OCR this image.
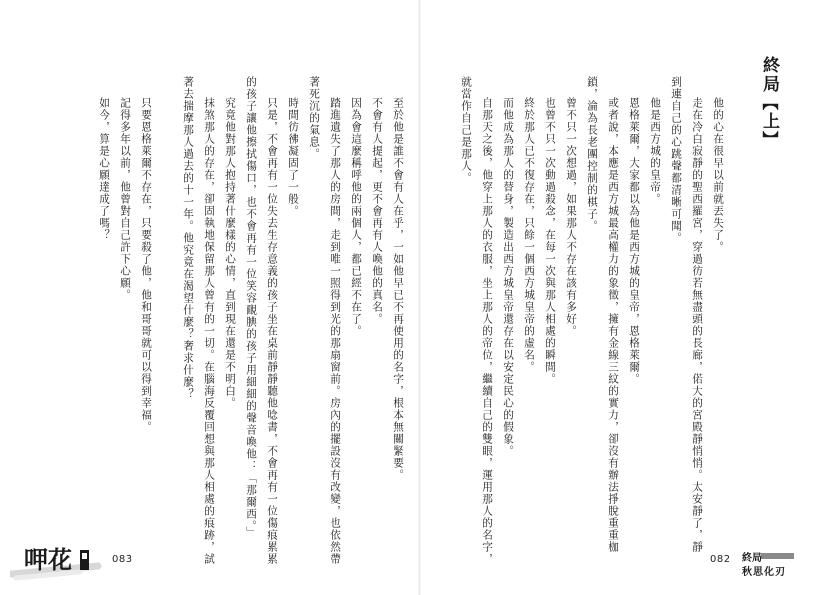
終局【上】

他的心在很早以前就丟失了。

走在冷白寂靜的聖西羅宮，穿過彷若無盡頭的長廊，偌大的宮殿靜悄悄。太安靜了，靜

到連自己的心跳聲都清晰可聞。

他是西方城的皇帝。

恩格萊爾，大家都以為他是西方城的皇帝，恩格萊爾。

或者說，本應是西方城最高權力的象徵，擁有金線三紋的實力，卻沒有辦法掙脫重重枷

鎖，淪為長老團控制的棋子。

曾不只一次想過，如果那人不存在該有多好。

也曾不只一次動過殺念，在每一次與那人相處的瞬間。

終於那人已不復存在，只餘一個西方城皇帝的虛名。

而他成為那人的替身，製造出西方城皇帝還存在以安定民心的假象。

自那天之後，他穿上那人的衣服，坐上那人的帝位，繼續自己的雙眼，運用那人的名字，

就當作自己是那人。

至於他是誰不會有人在乎，一如他早已不再使用的名字，根本無關緊要。

不會有人提起，更不會再有人喚他的真名。

因為會這麼稱呼他的兩個人，都已經不在了。

踏進遺失了那人的房間，走到唯一照得到光的那扇窗前。房內的擺設沒有改變，也依然帶

著死沉的氣息。

時間彷彿凝固了一般。

只是，不會再有一位失去生存意義的孩子坐在桌前靜靜聽他唸書，不會再有一位傷痕累累

的孩子讓他擦拭傷口，也不會再有一位笑容靦腆的孩子用細細的聲音喚他：「那爾西。」

究竟他對那人抱持著什麼樣的心情，直到現在還是不明白。

抹煞那人的存在，卻固執地保留那人曾有的一切。在腦海反覆回想與那人相處的痕跡，試

著去揣摩那人過去的十一年。他究竟在渴望什麼？奢求什麼？

只要恩格萊爾不存在，只要殺了他，他和哥哥就可以得到幸福。

記得多年以前，他曾對自己許下心願。

如今，算是心願達成了嗎？

082
083	終局
秋思化刃
呷花
